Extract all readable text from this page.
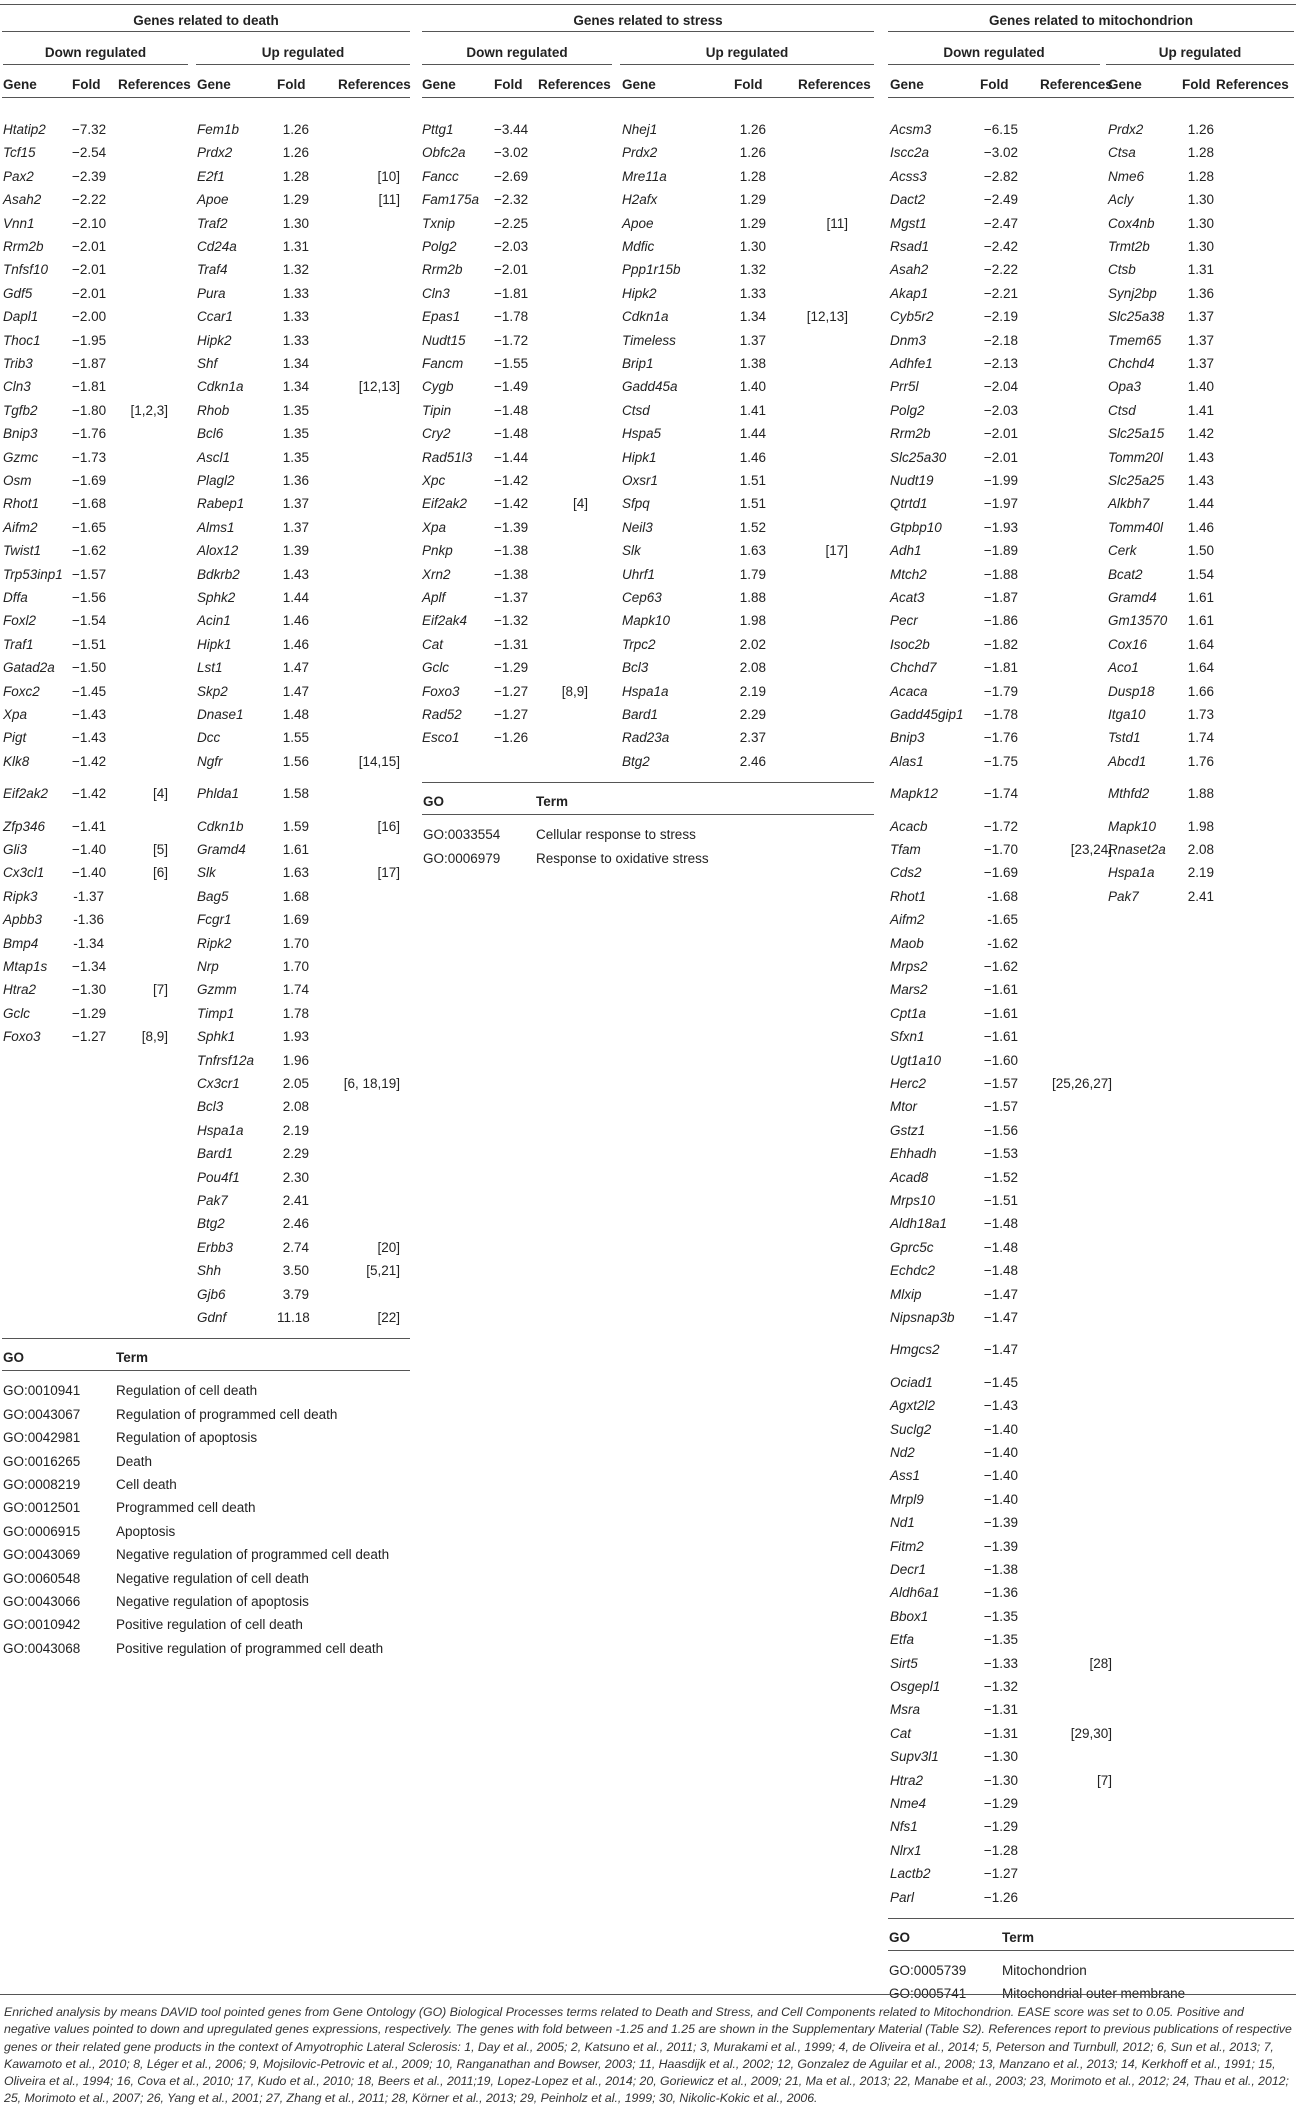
Genes related to death
Down regulated	Up regulated
Gene	Fold References Gene	Fold References
Htatip2 −7.32
Tcf15	−2.54
Pax2	−2.39
Asah2 −2.22
Vnn1	−2.10
Rrm2b −2.01
Tnfsf10 −2.01
Gdf5	−2.01
Dapl1 −2.00
Thoc1 −1.95
Trib3	−1.87
Cln3	−1.81
Tgfb2	−1.80	[1,2,3]
Bnip3	−1.76
Gzmc	−1.73
Osm	−1.69
Rhot1 −1.68
Aifm2	−1.65
Twist1 −1.62
Trp53inp1 −1.57
Dffa	−1.56
Foxl2	−1.54
Traf1	−1.51
Gatad2a −1.50
Foxc2 −1.45
Xpa	−1.43
Pigt	−1.43
Klk8	−1.42
Eif2ak2 −1.42	[4]
Zfp346 −1.41
Gli3	−1.40	[5]
Cx3cl1 −1.40	[6]
Ripk3	-1.37
Apbb3 -1.36
Bmp4	-1.34
Mtap1s −1.34
Htra2	−1.30	[7]
Gclc	−1.29
Foxo3 −1.27	[8,9]
Fem1b	1.26
Prdx2	1.26
E2f1	1.28	[10]
Apoe	1.29	[11]
Traf2	1.30
Cd24a	1.31
Traf4	1.32
Pura	1.33
Ccar1	1.33
Hipk2	1.33
Shf	1.34
Cdkn1a	1.34	[12,13]
Rhob	1.35
Bcl6	1.35
Ascl1	1.35
Plagl2	1.36
Rabep1	1.37
Alms1	1.37
Alox12	1.39
Bdkrb2	1.43
Sphk2	1.44
Acin1	1.46
Hipk1	1.46
Lst1	1.47
Skp2	1.47
Dnase1	1.48
Dcc	1.55
Ngfr	1.56	[14,15]
Phlda1	1.58
Cdkn1b	1.59	[16]
Gramd4	1.61
Slk	1.63	[17]
Bag5	1.68
Fcgr1	1.69
Ripk2	1.70
Nrp	1.70
Gzmm	1.74
Timp1	1.78
Sphk1	1.93
Tnfrsf12a	1.96
Cx3cr1	2.05	[6, 18,19]
Bcl3	2.08
Hspa1a	2.19
Bard1	2.29
Pou4f1	2.30
Pak7	2.41
Btg2	2.46
Erbb3	2.74	[20]
Shh	3.50	[5,21]
Gjb6	3.79
Gdnf	11.18	[22]
GO	Term
GO:0010941	Regulation of cell death
GO:0043067	Regulation of programmed cell death
GO:0042981	Regulation of apoptosis
GO:0016265	Death
GO:0008219	Cell death
GO:0012501	Programmed cell death
GO:0006915	Apoptosis
GO:0043069	Negative regulation of programmed cell death
GO:0060548	Negative regulation of cell death
GO:0043066	Negative regulation of apoptosis
GO:0010942	Positive regulation of cell death
GO:0043068	Positive regulation of programmed cell death
Genes related to stress
Down regulated	Up regulated
Gene	Fold References Gene	Fold	References
Pttg1	−3.44
Obfc2a −3.02
Fancc	−2.69
Fam175a −2.32
Txnip	−2.25
Polg2	−2.03
Rrm2b −2.01
Cln3	−1.81
Epas1 −1.78
Nudt15 −1.72
Fancm −1.55
Cygb	−1.49
Tipin	−1.48
Cry2	−1.48
Rad51l3 −1.44
Xpc	−1.42
Eif2ak2 −1.42	[4]
Xpa	−1.39
Pnkp	−1.38
Xrn2	−1.38
Aplf	−1.37
Eif2ak4 −1.32
Cat	−1.31
Gclc	−1.29
Foxo3	−1.27	[8,9]
Rad52 −1.27
Esco1	−1.26
Nhej1	1.26
Prdx2	1.26
Mre11a	1.28
H2afx	1.29
Apoe	1.29	[11]
Mdfic	1.30
Ppp1r15b	1.32
Hipk2	1.33
Cdkn1a	1.34	[12,13]
Timeless	1.37
Brip1	1.38
Gadd45a	1.40
Ctsd	1.41
Hspa5	1.44
Hipk1	1.46
Oxsr1	1.51
Sfpq	1.51
Neil3	1.52
Slk	1.63	[17]
Uhrf1	1.79
Cep63	1.88
Mapk10	1.98
Trpc2	2.02
Bcl3	2.08
Hspa1a	2.19
Bard1	2.29
Rad23a	2.37
Btg2	2.46
GO	Term
GO:0033554	Cellular response to stress
GO:0006979	Response to oxidative stress
Genes related to mitochondrion
Down regulated	Up regulated
Gene	Fold References
Gene	Fold References
Acsm3	−6.15
Iscc2a	−3.02
Acss3	−2.82
Dact2	−2.49
Mgst1	−2.47
Rsad1	−2.42
Asah2	−2.22
Akap1	−2.21
Cyb5r2	−2.19
Dnm3	−2.18
Adhfe1	−2.13
Prr5l	−2.04
Polg2	−2.03
Rrm2b	−2.01
Slc25a30	−2.01
Nudt19	−1.99
Qtrtd1	−1.97
Gtpbp10	−1.93
Adh1	−1.89
Mtch2	−1.88
Acat3	−1.87
Pecr	−1.86
Isoc2b	−1.82
Chchd7	−1.81
Acaca	−1.79
Gadd45gip1 −1.78
Bnip3	−1.76
Alas1	−1.75
Mapk12	−1.74
Acacb	−1.72
Tfam	−1.70	[23,24]
Cds2	−1.69
Rhot1	-1.68
Aifm2	-1.65
Maob	-1.62
Mrps2	−1.62
Mars2	−1.61
Cpt1a	−1.61
Sfxn1	−1.61
Ugt1a10	−1.60
Herc2	−1.57	[25,26,27]
Mtor	−1.57
Gstz1	−1.56
Ehhadh	−1.53
Acad8	−1.52
Mrps10	−1.51
Aldh18a1	−1.48
Gprc5c	−1.48
Echdc2	−1.48
Mlxip	−1.47
Nipsnap3b −1.47
Hmgcs2	−1.47
Ociad1	−1.45
Agxt2l2	−1.43
Suclg2	−1.40
Nd2	−1.40
Ass1	−1.40
Mrpl9	−1.40
Nd1	−1.39
Fitm2	−1.39
Decr1	−1.38
Aldh6a1	−1.36
Bbox1	−1.35
Etfa	−1.35
Sirt5	−1.33	[28]
Osgepl1	−1.32
Msra	−1.31
Cat	−1.31	[29,30]
Supv3l1	−1.30
Htra2	−1.30	[7]
Nme4	−1.29
Nfs1	−1.29
Nlrx1	−1.28
Lactb2	−1.27
Parl	−1.26
Prdx2	1.26
Ctsa	1.28
Nme6	1.28
Acly	1.30
Cox4nb	1.30
Trmt2b	1.30
Ctsb	1.31
Synj2bp	1.36
Slc25a38	1.37
Tmem65	1.37
Chchd4	1.37
Opa3	1.40
Ctsd	1.41
Slc25a15	1.42
Tomm20l	1.43
Slc25a25	1.43
Alkbh7	1.44
Tomm40l	1.46
Cerk	1.50
Bcat2	1.54
Gramd4	1.61
Gm13570	1.61
Cox16	1.64
Aco1	1.64
Dusp18	1.66
Itga10	1.73
Tstd1	1.74
Abcd1	1.76
Mthfd2	1.88
Mapk10	1.98
Rnaset2a	2.08
Hspa1a	2.19
Pak7	2.41
GO	Term
GO:0005739	Mitochondrion
GO:0005741	Mitochondrial outer membrane
Enriched analysis by means DAVID tool pointed genes from Gene Ontology (GO) Biological Processes terms related to Death and Stress, and Cell Components related to Mitochondrion. EASE score was set to 0.05. Positive and negative values pointed to down and upregulated genes expressions, respectively. The genes with fold between -1.25 and 1.25 are shown in the Supplementary Material (Table S2). References report to previous publications of respective genes or their related gene products in the context of Amyotrophic Lateral Sclerosis: 1, Day et al., 2005; 2, Katsuno et al., 2011; 3, Murakami et al., 1999; 4, de Oliveira et al., 2014; 5, Peterson and Turnbull, 2012; 6, Sun et al., 2013; 7, Kawamoto et al., 2010; 8, Léger et al., 2006; 9, Mojsilovic-Petrovic et al., 2009; 10, Ranganathan and Bowser, 2003; 11, Haasdijk et al., 2002; 12, Gonzalez de Aguilar et al., 2008; 13, Manzano et al., 2013; 14, Kerkhoff et al., 1991; 15, Oliveira et al., 1994; 16, Cova et al., 2010; 17, Kudo et al., 2010; 18, Beers et al., 2011;19, Lopez-Lopez et al., 2014; 20, Goriewicz et al., 2009; 21, Ma et al., 2013; 22, Manabe et al., 2003; 23, Morimoto et al., 2012; 24, Thau et al., 2012; 25, Morimoto et al., 2007; 26, Yang et al., 2001; 27, Zhang et al., 2011; 28, Körner et al., 2013; 29, Peinholz et al., 1999; 30, Nikolic-Kokic et al., 2006.
